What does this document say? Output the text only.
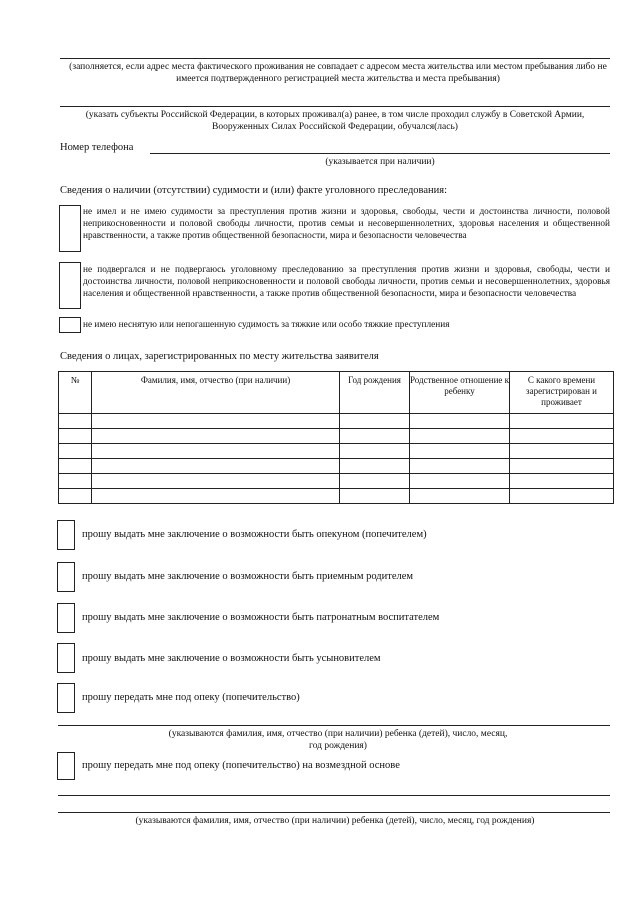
(заполняется, если адрес места фактического проживания не совпадает с адресом места жительства или местом пребывания либо не имеется подтвержденного регистрацией места жительства и места пребывания)
(указать субъекты Российской Федерации, в которых проживал(а) ранее, в том числе проходил службу в Советской Армии, Вооруженных Силах Российской Федерации, обучался(лась)
Номер телефона
(указывается при наличии)
Сведения о наличии (отсутствии) судимости и (или) факте уголовного преследования:
не имел и не имею судимости за преступления против жизни и здоровья, свободы, чести и достоинства личности, половой неприкосновенности и половой свободы личности, против семьи и несовершеннолетних, здоровья населения и общественной нравственности, а также против общественной безопасности, мира и безопасности человечества
не подвергался и не подвергаюсь уголовному преследованию за преступления против жизни и здоровья, свободы, чести и достоинства личности, половой неприкосновенности и половой свободы личности, против семьи и несовершеннолетних, здоровья населения и общественной нравственности, а также против общественной безопасности, мира и безопасности человечества
не имею неснятую или непогашенную судимость за тяжкие или особо тяжкие преступления
Сведения о лицах, зарегистрированных по месту жительства заявителя
№	Фамилия, имя, отчество (при наличии)	Год рождения	Родственное отношение к ребенку	С какого времени зарегистрирован и проживает

прошу выдать мне заключение о возможности быть опекуном (попечителем)
прошу выдать мне заключение о возможности быть приемным родителем
прошу выдать мне заключение о возможности быть патронатным воспитателем
прошу выдать мне заключение о возможности быть усыновителем
прошу передать мне под опеку (попечительство)
(указываются фамилия, имя, отчество (при наличии) ребенка (детей), число, месяц, год рождения)
прошу передать мне под опеку (попечительство) на возмездной основе
(указываются фамилия, имя, отчество (при наличии) ребенка (детей), число, месяц, год рождения)
